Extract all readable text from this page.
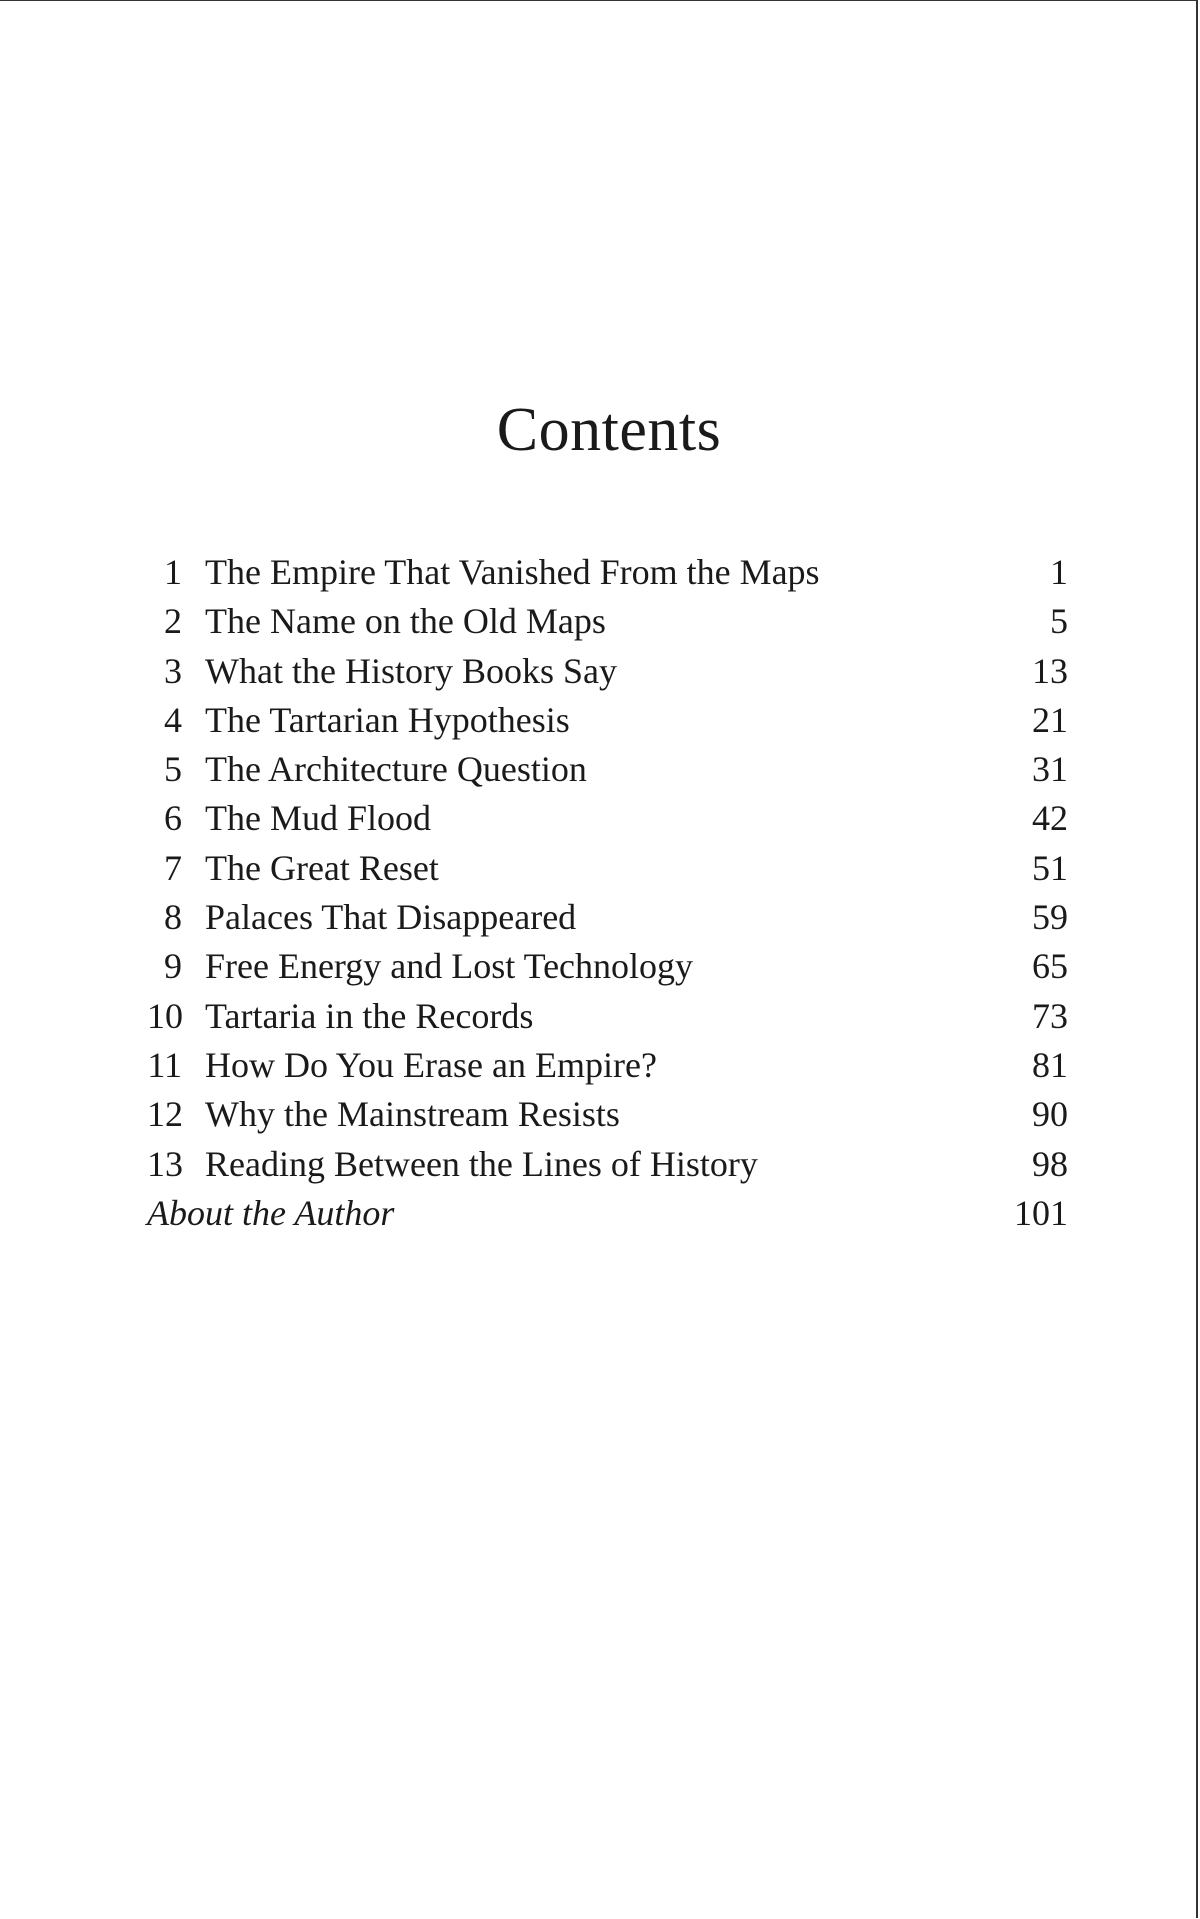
Contents
1 The Empire That Vanished From the Maps	1
2 The Name on the Old Maps	5
3 What the History Books Say	13
4 The Tartarian Hypothesis	21
5 The Architecture Question	31
6 The Mud Flood	42
7 The Great Reset	51
8 Palaces That Disappeared	59
9 Free Energy and Lost Technology	65
10 Tartaria in the Records	73
11 How Do You Erase an Empire?	81
12 Why the Mainstream Resists	90
13 Reading Between the Lines of History	98
About the Author	101
